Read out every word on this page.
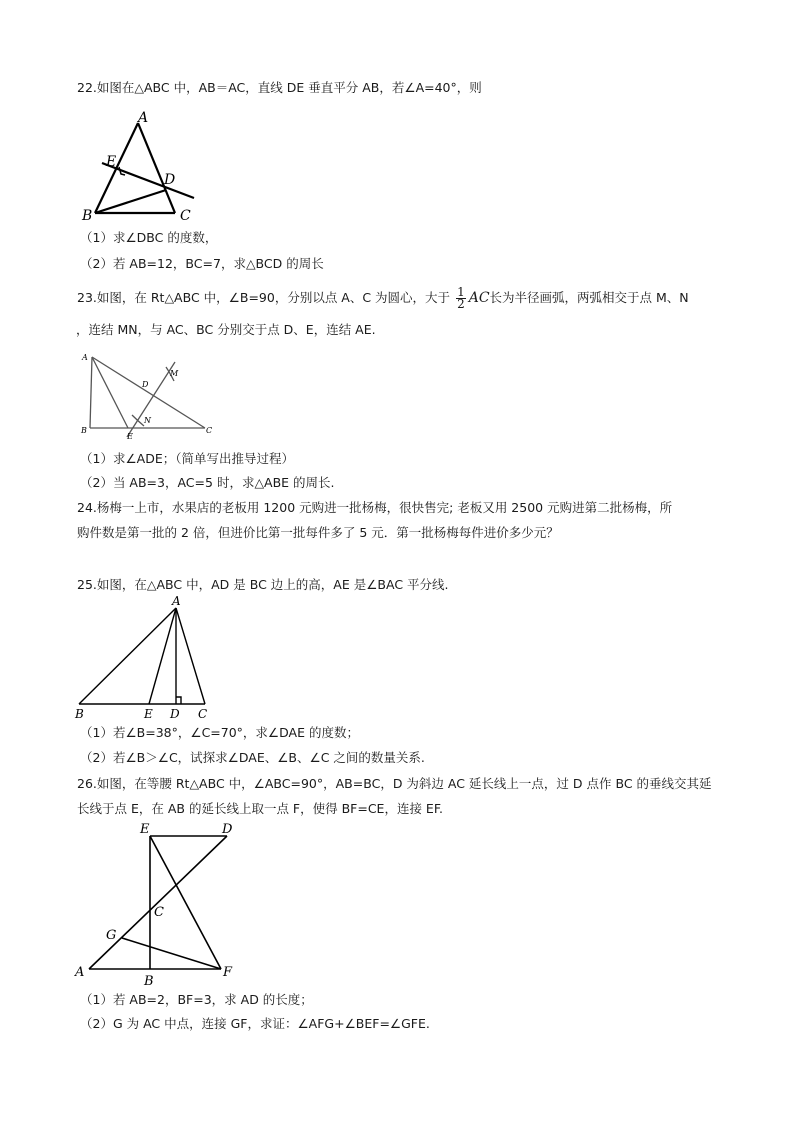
22.如图在△ABC 中，AB＝AC，直线 DE 垂直平分 AB，若∠A=40°，则
A
B	C
D
E
（1）求∠DBC 的度数，
（2）若 AB=12，BC=7，求△BCD 的周长
23.如图，在 Rt△ABC 中，∠B=90，分别以点 A、C 为圆心，大于 $\frac{1}{2}$ AC长为半径画弧，两弧相交于点 M、N
，连结 MN，与 AC、BC 分别交于点 D、E，连结 AE.
A
B	C
D
E
M
N
（1）求∠ADE；（简单写出推导过程）
（2）当 AB=3，AC=5 时，求△ABE 的周长.
24.杨梅一上市，水果店的老板用 1200 元购进一批杨梅，很快售完; 老板又用 2500 元购进第二批杨梅，所
购件数是第一批的 2 倍，但进价比第一批每件多了 5 元．第一批杨梅每件进价多少元？
25.如图，在△ABC 中，AD 是 BC 边上的高，AE 是∠BAC 平分线.
A
B	E D C
（1）若∠B=38°，∠C=70°，求∠DAE 的度数；
（2）若∠B＞∠C，试探求∠DAE、∠B、∠C 之间的数量关系.
26.如图，在等腰 Rt△ABC 中，∠ABC=90°，AB=BC，D 为斜边 AC 延长线上一点，过 D 点作 BC 的垂线交其延
长线于点 E，在 AB 的延长线上取一点 F，使得 BF=CE，连接 EF.
E	D
C
G
A
B
F
（1）若 AB=2，BF=3，求 AD 的长度；
（2）G 为 AC 中点，连接 GF，求证：∠AFG+∠BEF=∠GFE.
